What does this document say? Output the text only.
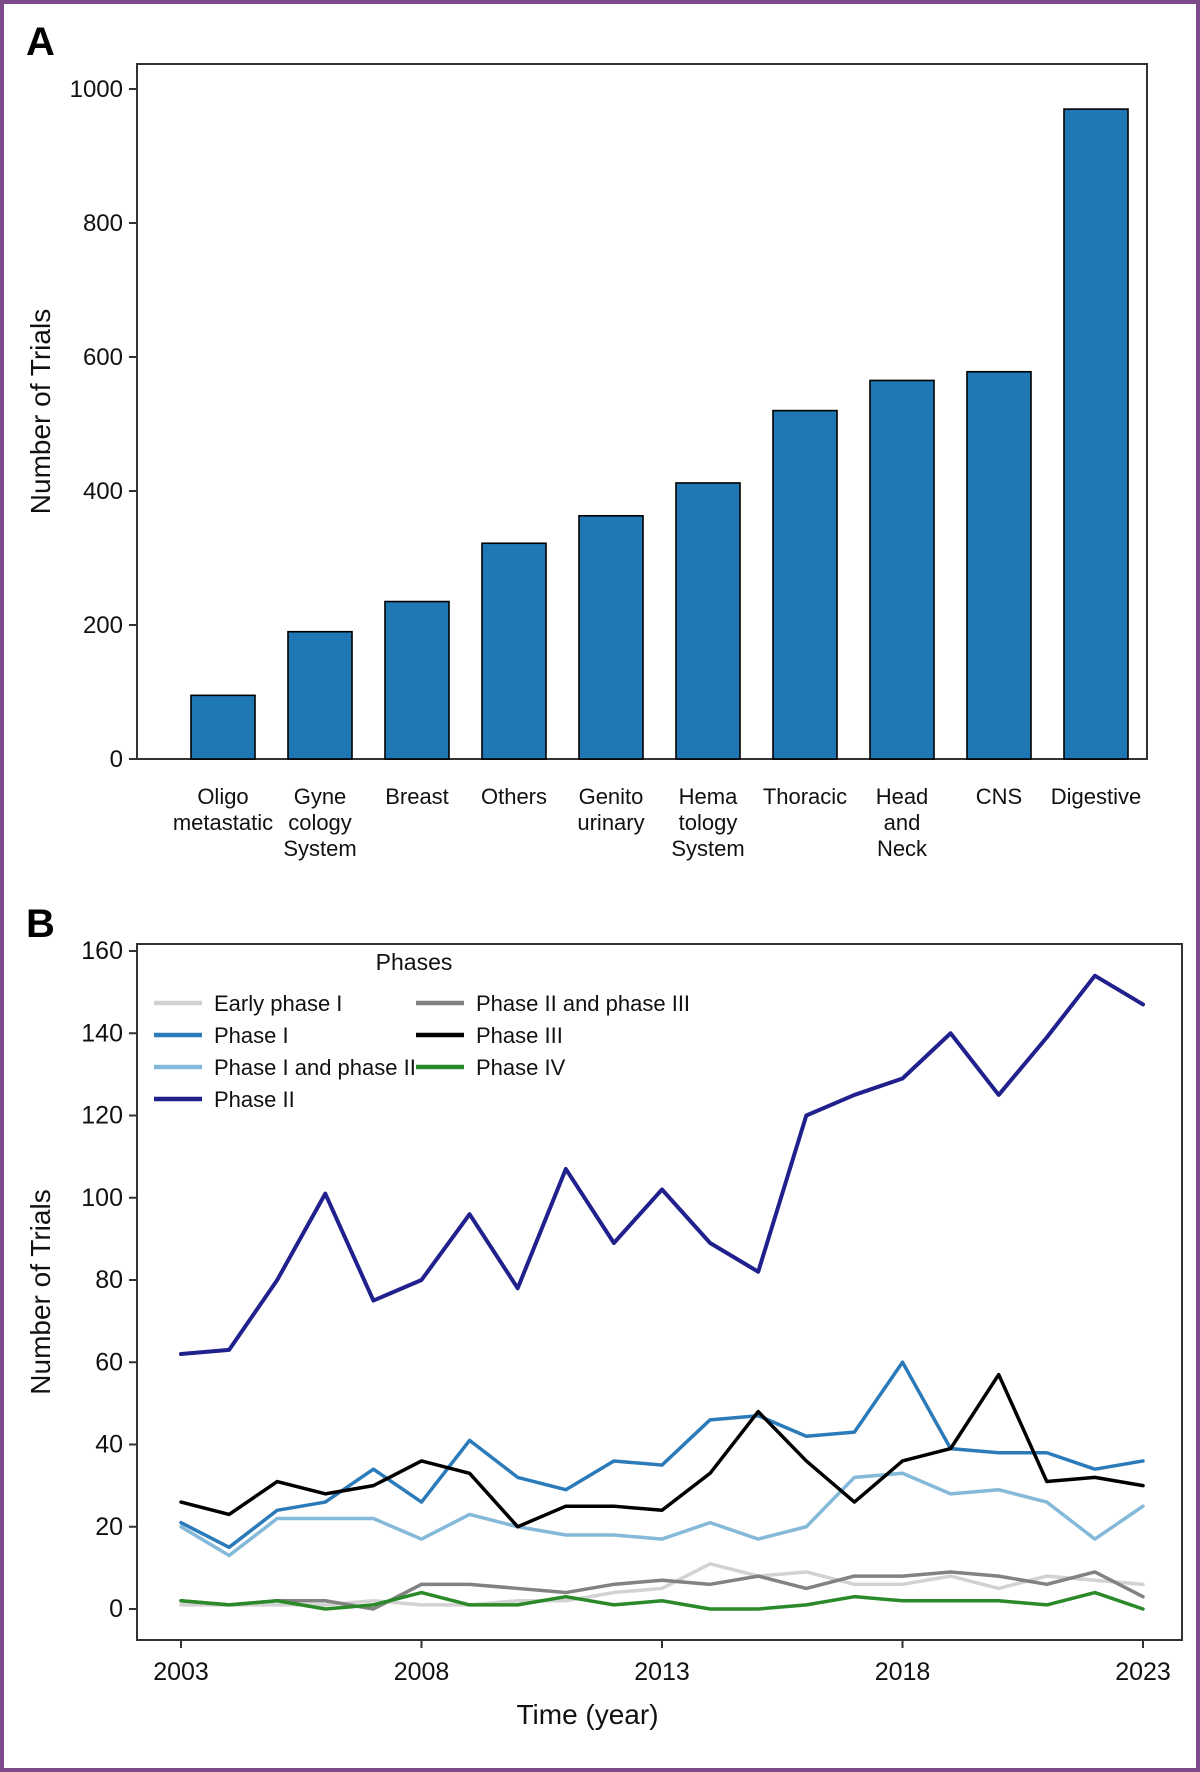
A
B
0
200
400
600
800
1000
Oligo metastatic
Gyne cology System
Breast Others Genito urinary
Hema tology System
Thoracic Head and Neck
CNS Digestive
Number of Trials
0
20
40
60
80
100
120
140
160
2003	2008	2013	2018	2023
Phases
Early phase I
Phase I
Phase I and phase II
Phase II
Phase II and phase III
Phase III
Phase IV
Time (year)
Number of Trials
